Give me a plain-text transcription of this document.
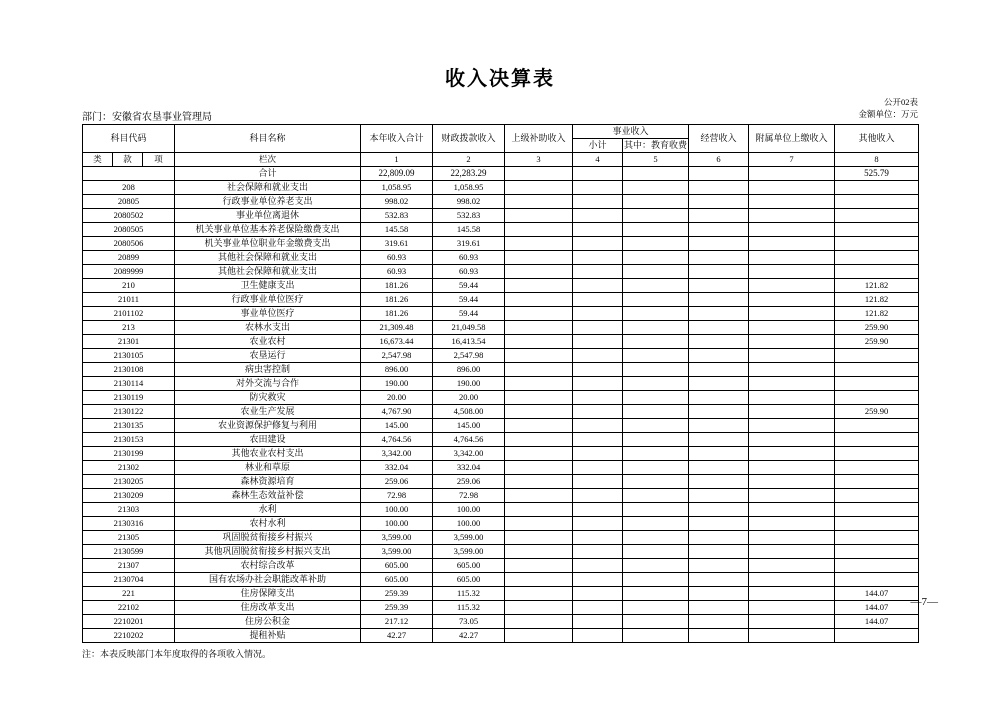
收入决算表
公开02表
金额单位：万元
部门：安徽省农垦事业管理局
科目代码			科目名称	本年收入合计	财政拨款收入	上级补助收入	事业收入		经营收入	附属单位上缴收入	其他收入
							小计	其中：教育收费			
类	款	项	栏次	1	2	3	4	5	6	7	8
			合计	22,809.09	22,283.29						525.79
208			社会保障和就业支出	1,058.95	1,058.95						
20805			行政事业单位养老支出	998.02	998.02						
2080502			事业单位离退休	532.83	532.83						
2080505			机关事业单位基本养老保险缴费支出	145.58	145.58						
2080506			机关事业单位职业年金缴费支出	319.61	319.61						
20899			其他社会保障和就业支出	60.93	60.93						
2089999			其他社会保障和就业支出	60.93	60.93						
210			卫生健康支出	181.26	59.44						121.82
21011			行政事业单位医疗	181.26	59.44						121.82
2101102			事业单位医疗	181.26	59.44						121.82
213			农林水支出	21,309.48	21,049.58						259.90
21301			农业农村	16,673.44	16,413.54						259.90
2130105			农垦运行	2,547.98	2,547.98						
2130108			病虫害控制	896.00	896.00						
2130114			对外交流与合作	190.00	190.00						
2130119			防灾救灾	20.00	20.00						
2130122			农业生产发展	4,767.90	4,508.00						259.90
2130135			农业资源保护修复与利用	145.00	145.00						
2130153			农田建设	4,764.56	4,764.56						
2130199			其他农业农村支出	3,342.00	3,342.00						
21302			林业和草原	332.04	332.04						
2130205			森林资源培育	259.06	259.06						
2130209			森林生态效益补偿	72.98	72.98						
21303			水利	100.00	100.00						
2130316			农村水利	100.00	100.00						
21305			巩固脱贫衔接乡村振兴	3,599.00	3,599.00						
2130599			其他巩固脱贫衔接乡村振兴支出	3,599.00	3,599.00						
21307			农村综合改革	605.00	605.00						
2130704			国有农场办社会职能改革补助	605.00	605.00						
221			住房保障支出	259.39	115.32						144.07
22102			住房改革支出	259.39	115.32						144.07
2210201			住房公积金	217.12	73.05						144.07
2210202			提租补贴	42.27	42.27						
注：本表反映部门本年度取得的各项收入情况。
—7—
